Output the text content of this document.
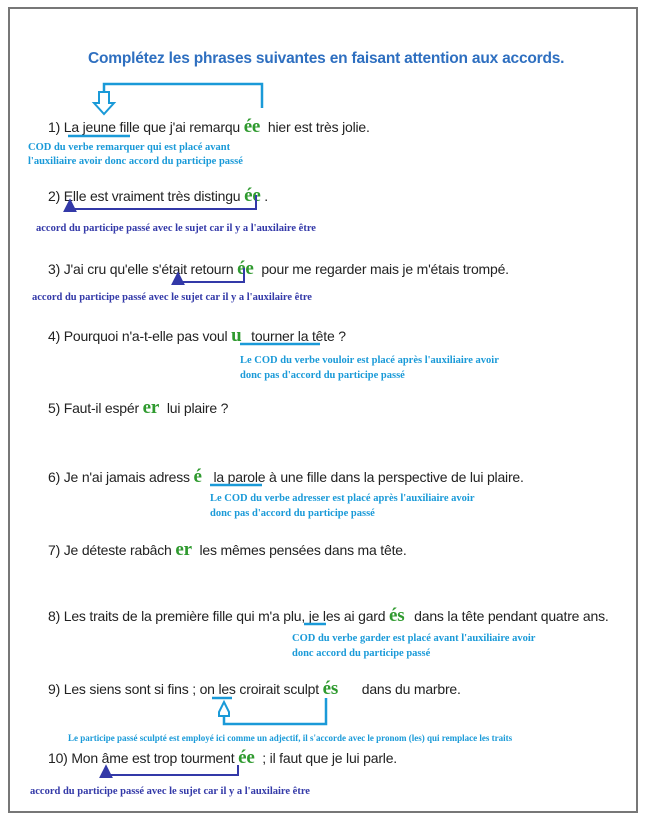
Complétez les phrases suivantes en faisant attention aux accords.
1) La jeune fille que j'ai remarqu ée hier est très jolie.
COD du verbe remarquer qui est placé avant
l'auxiliaire avoir donc accord du participe passé
2) Elle est vraiment très distingu ée .
accord du participe passé avec le sujet car il y a l'auxilaire être
3) J'ai cru qu'elle s'était retourn ée pour me regarder mais je m'étais trompé.
accord du participe passé avec le sujet car il y a l'auxilaire être
4) Pourquoi n'a-t-elle pas voul u tourner la tête ?
Le COD du verbe vouloir est placé après l'auxiliaire avoir
donc pas d'accord du participe passé
5) Faut-il espér er lui plaire ?
6) Je n'ai jamais adress é la parole à une fille dans la perspective de lui plaire.
Le COD du verbe adresser est placé après l'auxiliaire avoir
donc pas d'accord du participe passé
7) Je déteste rabâch er les mêmes pensées dans ma tête.
8) Les traits de la première fille qui m'a plu, je les ai gard és dans la tête pendant quatre ans.
COD du verbe garder est placé avant l'auxiliaire avoir
donc accord du participe passé
9) Les siens sont si fins ; on les croirait sculpt és dans du marbre.
Le participe passé sculpté est employé ici comme un adjectif, il s'accorde avec le pronom (les) qui remplace les traits
10) Mon âme est trop tourment ée ; il faut que je lui parle.
accord du participe passé avec le sujet car il y a l'auxilaire être
